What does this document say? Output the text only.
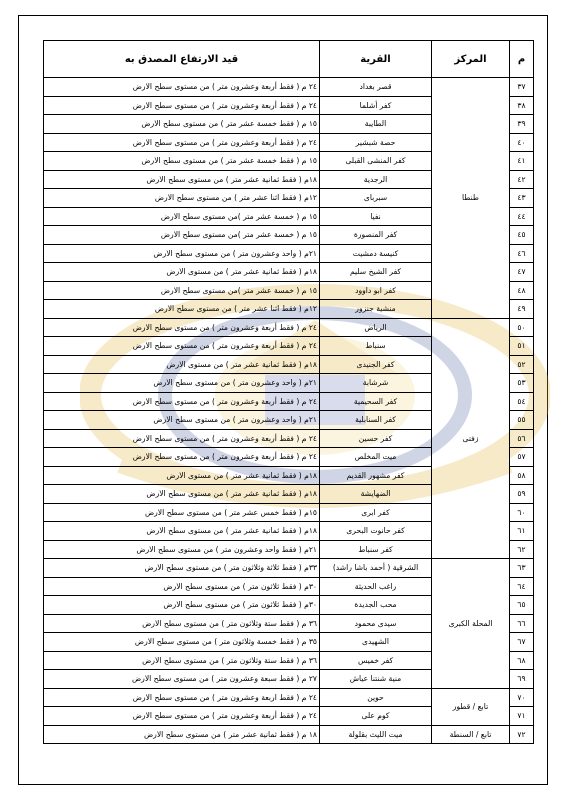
م	المركز	القرية	قيد الارتفاع المصدق به
٣٧	طنطا	قصر بغداد	٢٤ م ( فقط أربعة وعشرون متر ) من مستوى سطح الارض
٣٨		كفر أشلما	٢٤ م ( فقط أربعة وعشرون متر ) من مستوى سطح الارض
٣٩		الطايبة	١٥ م ( فقط خمسة عشر متر ) من مستوى سطح الارض
٤٠		حصة شبشير	٢٤ م ( فقط أربعة وعشرون متر ) من مستوى سطح الارض
٤١		كفر المنشى القبلى	١٥ م ( فقط خمسة عشر متر ) من مستوى سطح الارض
٤٢		الرجدية	١٨م ( فقط ثمانية عشر متر ) من مستوى سطح الارض
٤٣		سبرباى	١٢م ( فقط اثنا عشر متر ) من مستوى سطح الارض
٤٤		نفيا	١٥ م ( خمسة عشر متر )من مستوى سطح الارض
٤٥		كفر المنصورة	١٥ م ( خمسة عشر متر )من مستوى سطح الارض
٤٦		كنيسة دمشيت	٢١م ( واحد وعشرون متر ) من مستوى سطح الارض
٤٧		كفر الشيخ سليم	١٨م ( فقط ثمانية عشر متر ) من مستوى الارض
٤٨		كفر ابو داوود	١٥ م ( خمسة عشر متر )من مستوى سطح الارض
٤٩		منشية جنزور	١٢م ( فقط اثنا عشر متر ) من مستوى سطح الارض
٥٠	زفتى	الرياض	٢٤ م ( فقط أربعة وعشرون متر ) من مستوى سطح الارض
٥١		سنباط	٢٤ م ( فقط أربعة وعشرون متر ) من مستوى سطح الارض
٥٢		كفر الجنيدى	١٨م ( فقط ثمانية عشر متر ) من مستوى الارض
٥٣		شرشابة	٢١م ( واحد وعشرون متر ) من مستوى سطح الارض
٥٤		كفر السحيمية	٢٤ م ( فقط أربعة وعشرون متر ) من مستوى سطح الارض
٥٥		كفر السنابلية	٢١م ( واحد وعشرون متر ) من مستوى سطح الارض
٥٦		كفر حسين	٢٤ م ( فقط أربعة وعشرون متر ) من مستوى سطح الارض
٥٧		ميت المخلص	٢٤ م ( فقط أربعة وعشرون متر ) من مستوى سطح الارض
٥٨		كفر مشهور القديم	١٨م ( فقط ثمانية عشر متر ) من مستوى الارض
٥٩		الضهايشة	١٨م ( فقط ثمانية عشر متر ) من مستوى سطح الارض
٦٠		كفر ابرى	١٥م ( فقط خمس عشر متر ) من مستوى سطح الارض
٦١		كفر حانوت البحرى	١٨م ( فقط ثمانية عشر متر ) من مستوى سطح الارض
٦٢		كفر سنباط	٢١م ( فقط واحد وعشرون متر ) من مستوى سطح الارض
٦٣	المحلة الكبرى	الشرقية ( أحمد باشا راشد)	٣٣م ( فقط ثلاثة وثلاثون متر ) من مستوى سطح الارض
٦٤		راغب الحديثة	٣٠م ( فقط ثلاثون متر ) من مستوى سطح الارض
٦٥		محب الجديدة	٣٠م ( فقط ثلاثون متر ) من مستوى سطح الارض
٦٦		سيدى محمود	٣٦ م ( فقط ستة وثلاثون متر ) من مستوى سطح الارض
٦٧		الشهيدى	٣٥ م ( فقط خمسة وثلاثون متر ) من مستوى سطح الارض
٦٨		كفر خميس	٣٦ م ( فقط ستة وثلاثون متر ) من مستوى سطح الارض
٦٩		منية شنتنا عياش	٢٧ م ( فقط سبعة وعشرون متر ) من مستوى سطح الارض
٧٠	تابع / قطور	حوين	٢٤ م ( فقط اربعة وعشرون متر ) من مستوى سطح الارض
٧١		كوم على	٢٤ م ( فقط أربعة وعشرون متر ) من مستوى سطح الارض
٧٢	تابع / السنطة	ميت الليث بقلولة	١٨ م ( فقط ثمانية عشر متر ) من مستوى سطح الارض
